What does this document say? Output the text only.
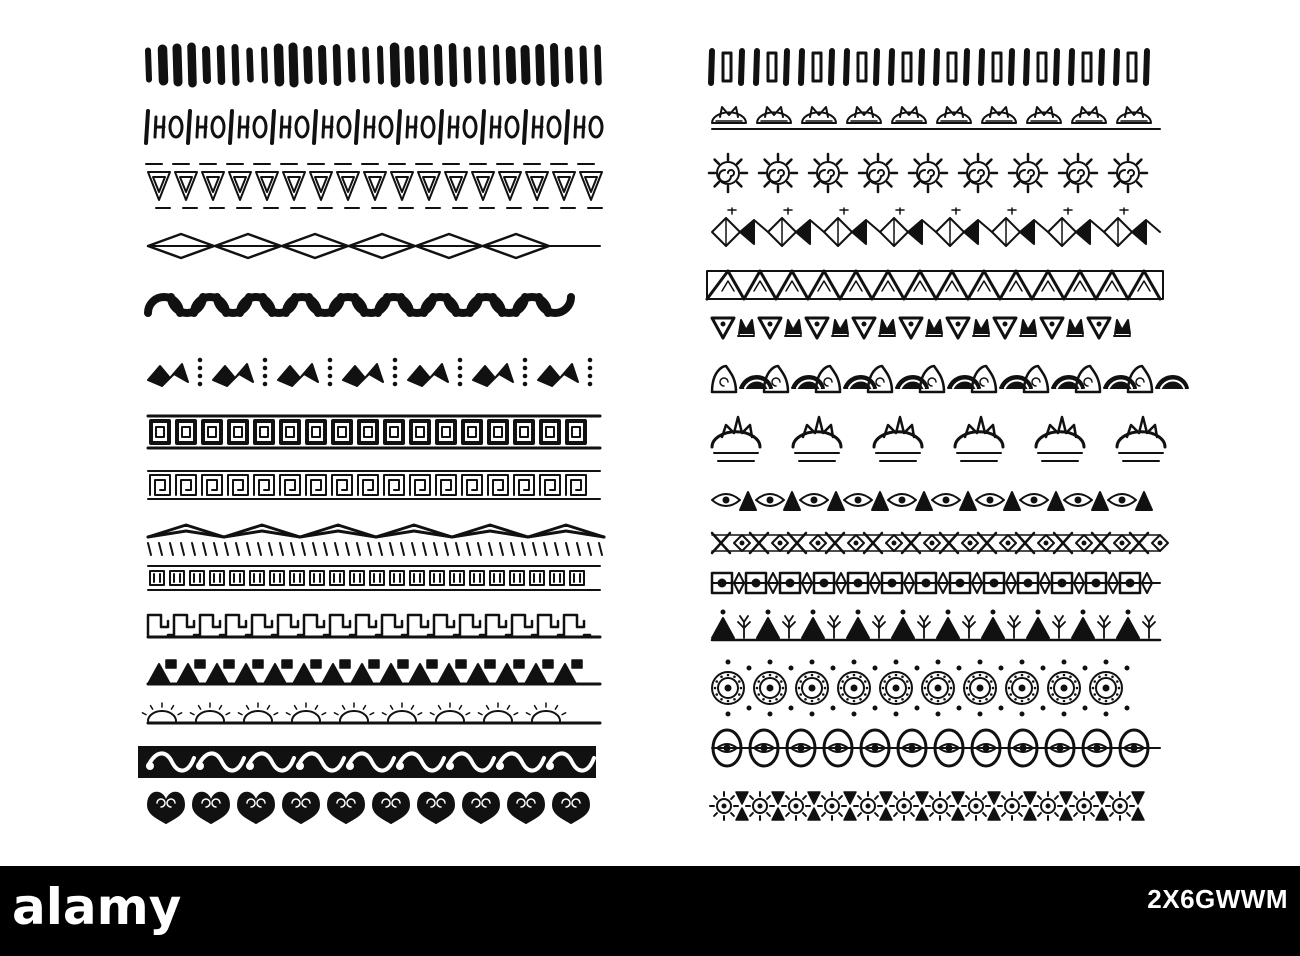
alamy	2X6GWWM
